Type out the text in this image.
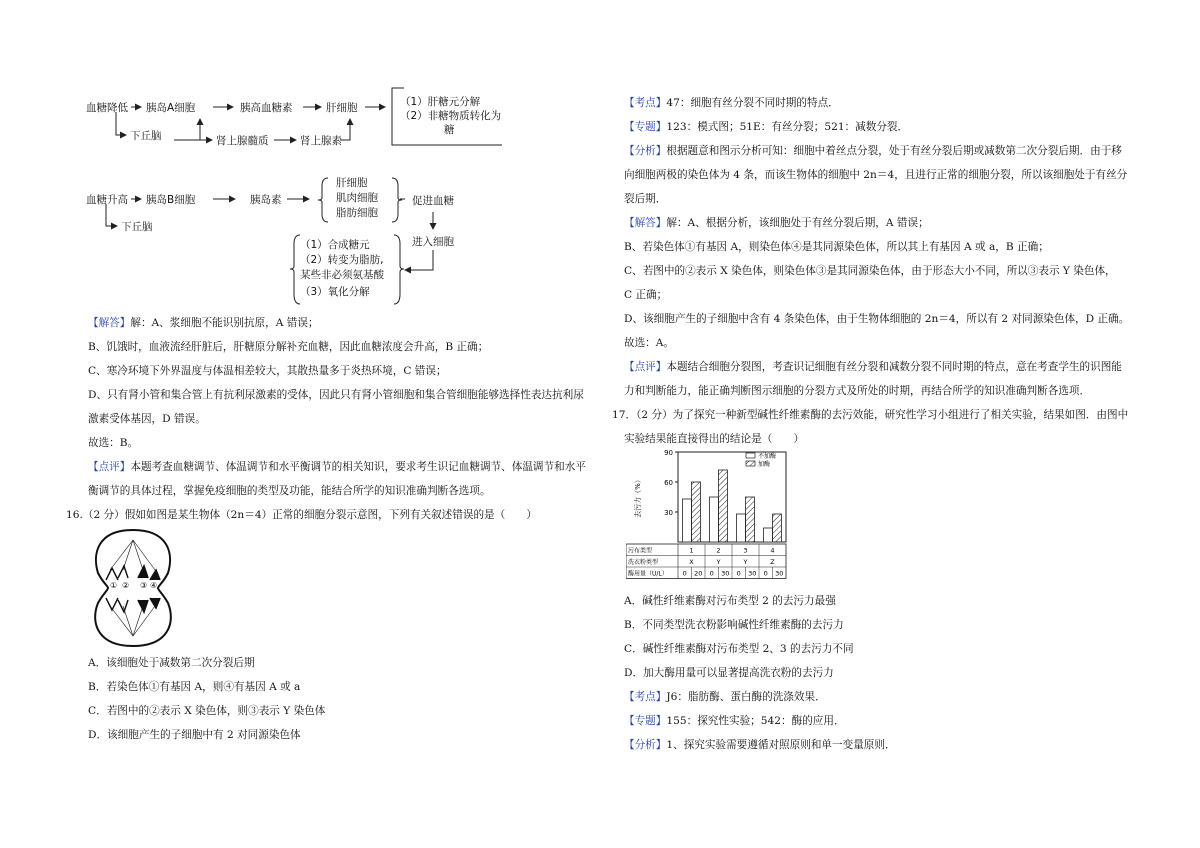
血糖降低 胰岛A细胞	胰高血糖素	肝细胞
下丘脑	肾上腺髓质	肾上腺素
（1）肝糖元分解
（2）非糖物质转化为
糖
血糖升高 胰岛B细胞	胰岛素
下丘脑
肝细胞
肌肉细胞
脂肪细胞
促进血糖
进入细胞
（1）合成糖元
（2）转变为脂肪,
某些非必须氨基酸
（3）氧化分解
【解答】解：A、浆细胞不能识别抗原，A 错误；
B、饥饿时，血液流经肝脏后，肝糖原分解补充血糖，因此血糖浓度会升高，B 正确；
C、寒冷环境下外界温度与体温相差较大，其散热量多于炎热环境，C 错误；
D、只有肾小管和集合管上有抗利尿激素的受体，因此只有肾小管细胞和集合管细胞能够选择性表达抗利尿
激素受体基因，D 错误。
故选：B。
【点评】本题考查血糖调节、体温调节和水平衡调节的相关知识，要求考生识记血糖调节、体温调节和水平
衡调节的具体过程，掌握免疫细胞的类型及功能，能结合所学的知识准确判断各选项。
16.（2 分）假如如图是某生物体（2n＝4）正常的细胞分裂示意图，下列有关叙述错误的是（　　）
① ② ③ ④
A．该细胞处于减数第二次分裂后期
B．若染色体①有基因 A，则④有基因 A 或 a
C．若图中的②表示 X 染色体，则③表示 Y 染色体
D．该细胞产生的子细胞中有 2 对同源染色体
【考点】47：细胞有丝分裂不同时期的特点．
【专题】123：模式图；51E：有丝分裂；521：减数分裂．
【分析】根据题意和图示分析可知：细胞中着丝点分裂，处于有丝分裂后期或减数第二次分裂后期．由于移
向细胞两极的染色体为 4 条，而该生物体的细胞中 2n＝4，且进行正常的细胞分裂，所以该细胞处于有丝分
裂后期．
【解答】解：A、根据分析，该细胞处于有丝分裂后期，A 错误；
B、若染色体①有基因 A，则染色体④是其同源染色体，所以其上有基因 A 或 a，B 正确；
C、若图中的②表示 X 染色体，则染色体③是其同源染色体，由于形态大小不同，所以③表示 Y 染色体，
C 正确；
D、该细胞产生的子细胞中含有 4 条染色体，由于生物体细胞的 2n＝4，所以有 2 对同源染色体，D 正确。
故选：A。
【点评】本题结合细胞分裂图，考查识记细胞有丝分裂和减数分裂不同时期的特点，意在考查学生的识图能
力和判断能力，能正确判断图示细胞的分裂方式及所处的时期，再结合所学的知识准确判断各选项．
17．（2 分）为了探究一种新型碱性纤维素酶的去污效能，研究性学习小组进行了相关实验，结果如图．由图中
实验结果能直接得出的结论是（　　）
去污力（%）
90
60
30
不加酶
加酶
污布类型	1	2	3	4
洗衣粉类型	X	Y	Y	Z
酶用量（U/L） 0 20 0 30 0 30 0 30
A．碱性纤维素酶对污布类型 2 的去污力最强
B．不同类型洗衣粉影响碱性纤维素酶的去污力
C．碱性纤维素酶对污布类型 2、3 的去污力不同
D．加大酶用量可以显著提高洗衣粉的去污力
【考点】J6：脂肪酶、蛋白酶的洗涤效果．
【专题】155：探究性实验；542：酶的应用．
【分析】1、探究实验需要遵循对照原则和单一变量原则．
